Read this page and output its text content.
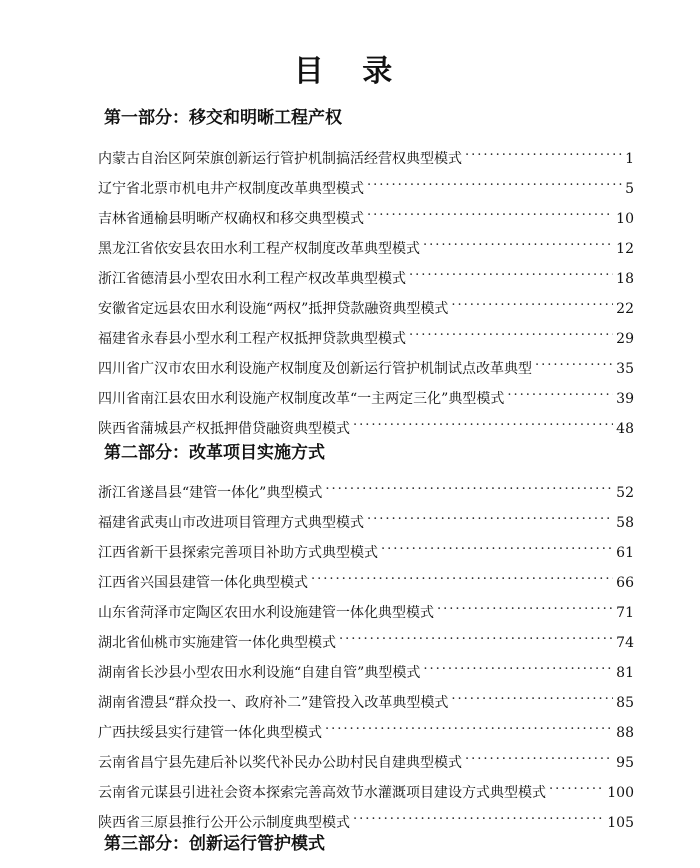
目 录
第一部分：移交和明晰工程产权
内蒙古自治区阿荣旗创新运行管护机制搞活经营权典型模式 .....	1
辽宁省北票市机电井产权制度改革典型模式 .....	5
吉林省通榆县明晰产权确权和移交典型模式 .....	10
黑龙江省依安县农田水利工程产权制度改革典型模式 .....	12
浙江省德清县小型农田水利工程产权改革典型模式 .....	18
安徽省定远县农田水利设施“两权”抵押贷款融资典型模式 .....	22
福建省永春县小型水利工程产权抵押贷款典型模式 .....	29
四川省广汉市农田水利设施产权制度及创新运行管护机制试点改革典型 .....	35
四川省南江县农田水利设施产权制度改革“一主两定三化”典型模式 .....	39
陕西省蒲城县产权抵押借贷融资典型模式 .....	48
第二部分：改革项目实施方式
浙江省遂昌县“建管一体化”典型模式 .....	52
福建省武夷山市改进项目管理方式典型模式 .....	58
江西省新干县探索完善项目补助方式典型模式 .....	61
江西省兴国县建管一体化典型模式 .....	66
山东省菏泽市定陶区农田水利设施建管一体化典型模式 .....	71
湖北省仙桃市实施建管一体化典型模式 .....	74
湖南省长沙县小型农田水利设施“自建自管”典型模式 .....	81
湖南省澧县“群众投一、政府补二”建管投入改革典型模式 .....	85
广西扶绥县实行建管一体化典型模式 .....	88
云南省昌宁县先建后补以奖代补民办公助村民自建典型模式 .....	95
云南省元谋县引进社会资本探索完善高效节水灌溉项目建设方式典型模式 .....	100
陕西省三原县推行公开公示制度典型模式 .....	105
第三部分：创新运行管护模式
